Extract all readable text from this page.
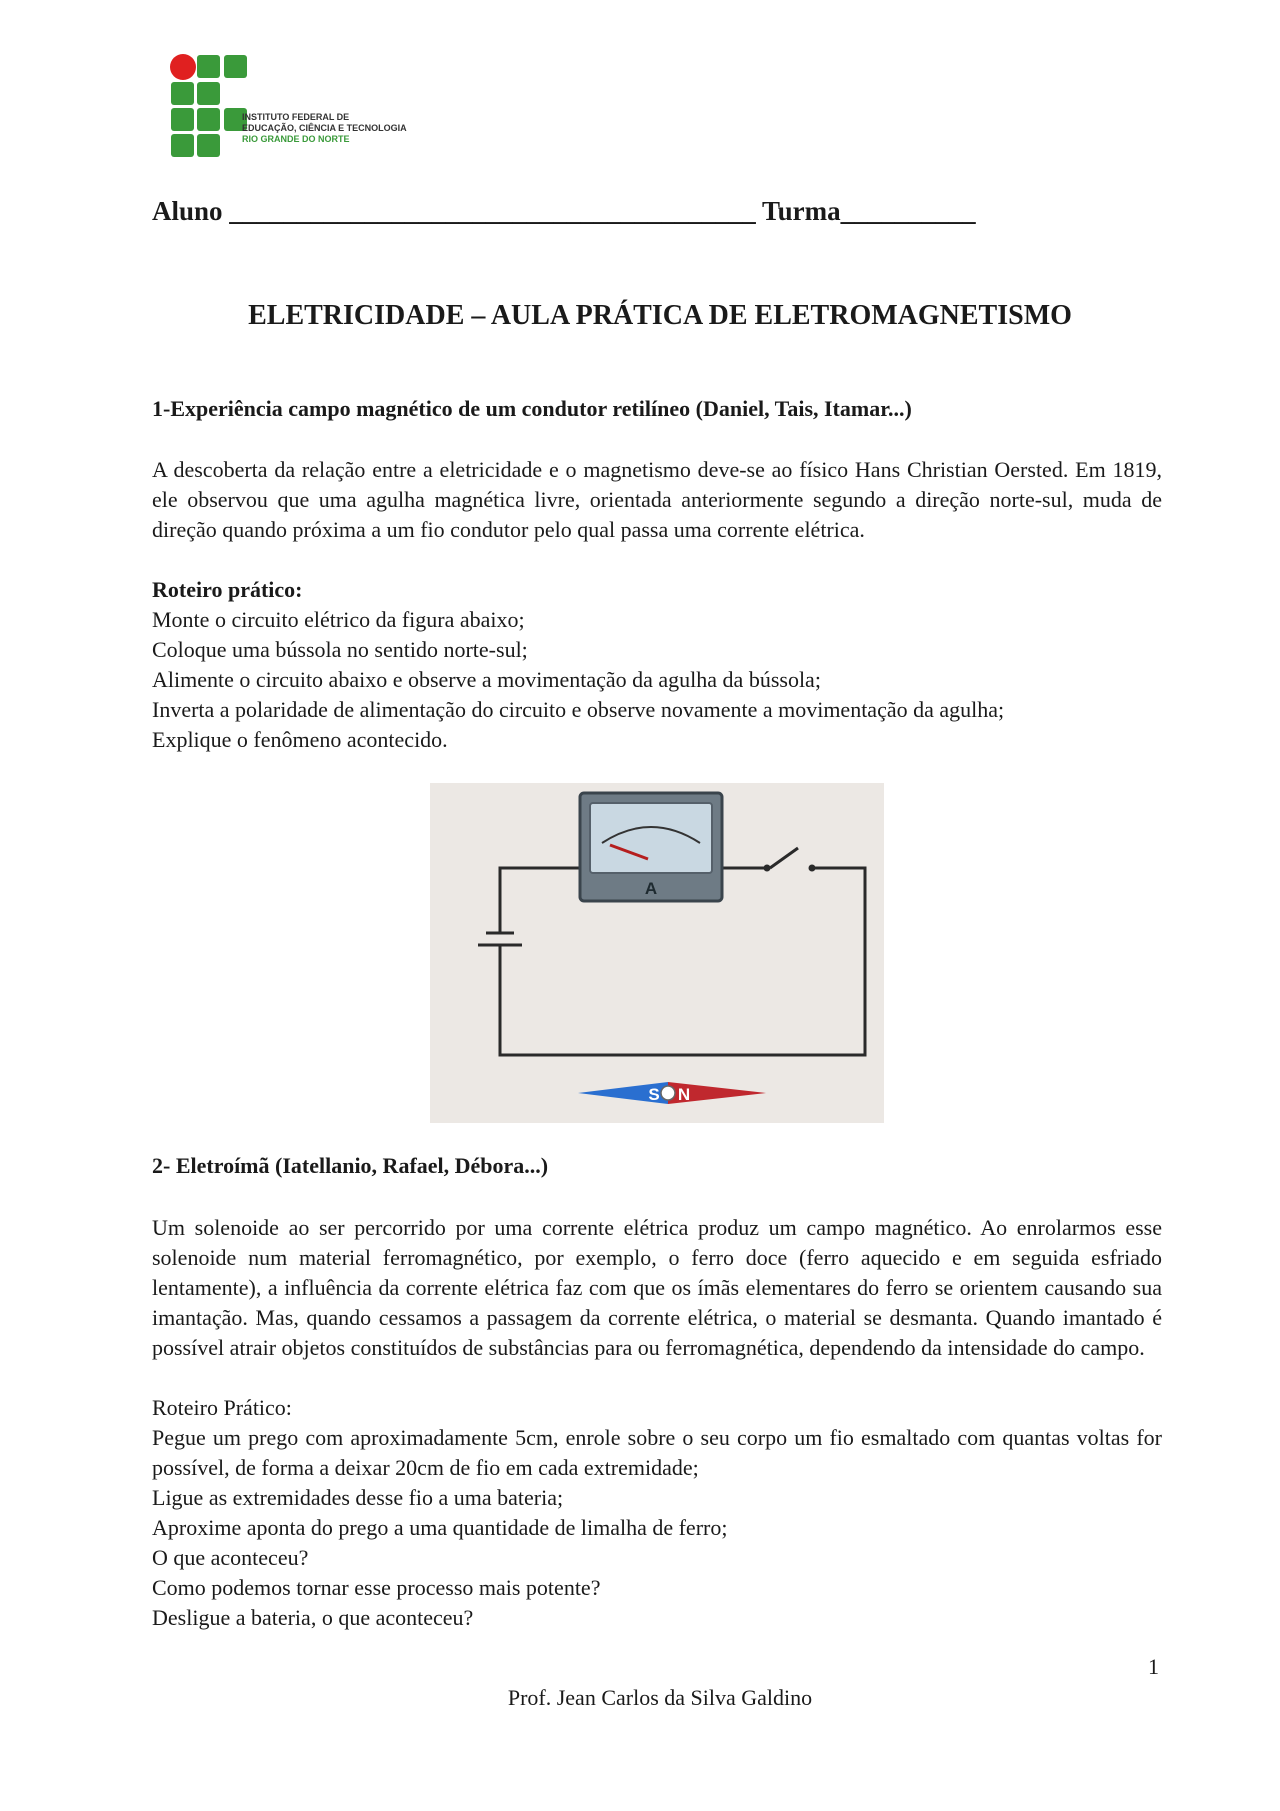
INSTITUTO FEDERAL DE
EDUCAÇÃO, CIÊNCIA E TECNOLOGIA
RIO GRANDE DO NORTE
Aluno _______________________________________ Turma__________
ELETRICIDADE – AULA PRÁTICA DE ELETROMAGNETISMO
1-Experiência campo magnético de um condutor retilíneo (Daniel, Tais, Itamar...)
A descoberta da relação entre a eletricidade e o magnetismo deve-se ao físico Hans Christian Oersted. Em 1819, ele observou que uma agulha magnética livre, orientada anteriormente segundo a direção norte-sul, muda de direção quando próxima a um fio condutor pelo qual passa uma corrente elétrica.
Roteiro prático:
Monte o circuito elétrico da figura abaixo;
Coloque uma bússola no sentido norte-sul;
Alimente o circuito abaixo e observe a movimentação da agulha da bússola;
Inverta a polaridade de alimentação do circuito e observe novamente a movimentação da agulha;
Explique o fenômeno acontecido.
A
S N
2- Eletroímã (Iatellanio, Rafael, Débora...)
Um solenoide ao ser percorrido por uma corrente elétrica produz um campo magnético. Ao enrolarmos esse solenoide num material ferromagnético, por exemplo, o ferro doce (ferro aquecido e em seguida esfriado lentamente), a influência da corrente elétrica faz com que os ímãs elementares do ferro se orientem causando sua imantação. Mas, quando cessamos a passagem da corrente elétrica, o material se desmanta. Quando imantado é possível atrair objetos constituídos de substâncias para ou ferromagnética, dependendo da intensidade do campo.
Roteiro Prático:
Pegue um prego com aproximadamente 5cm, enrole sobre o seu corpo um fio esmaltado com quantas voltas for possível, de forma a deixar 20cm de fio em cada extremidade;
Ligue as extremidades desse fio a uma bateria;
Aproxime aponta do prego a uma quantidade de limalha de ferro;
O que aconteceu?
Como podemos tornar esse processo mais potente?
Desligue a bateria, o que aconteceu?
1
Prof. Jean Carlos da Silva Galdino
